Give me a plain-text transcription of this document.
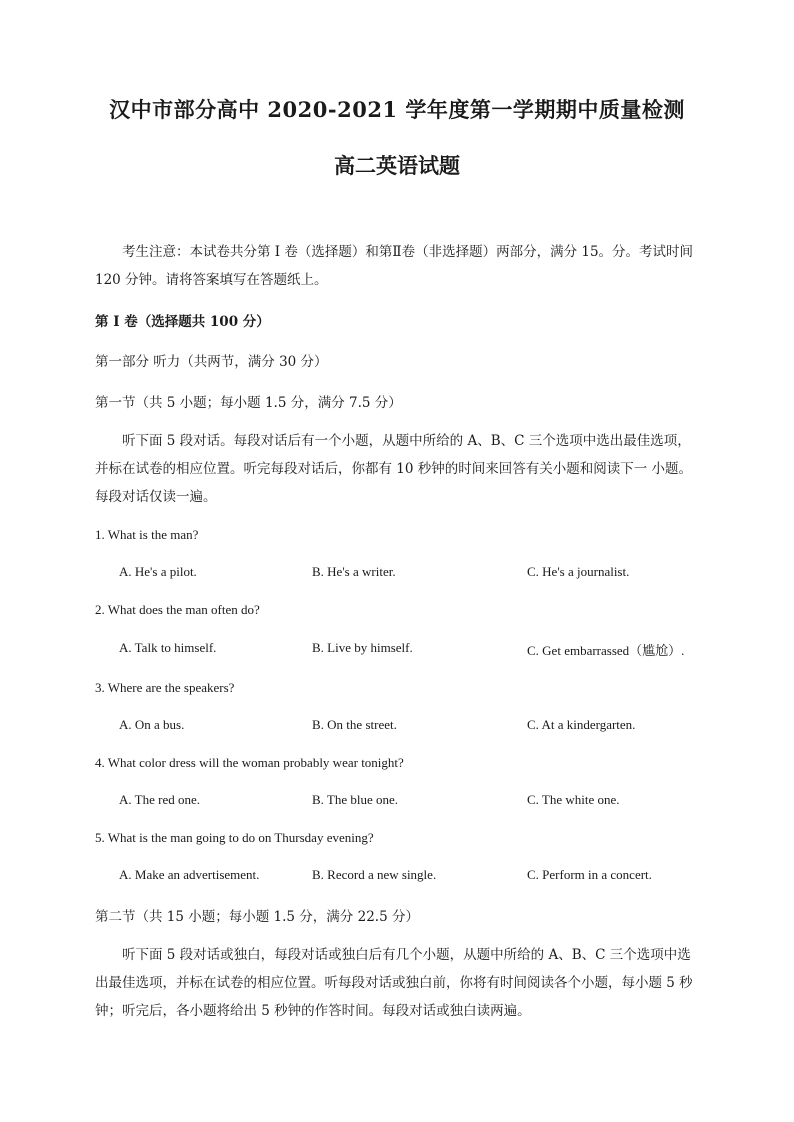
汉中市部分高中 2020-2021 学年度第一学期期中质量检测
高二英语试题
考生注意：本试卷共分第 I 卷（选择题）和第Ⅱ卷（非选择题）两部分，满分 15。分。考试时间 120 分钟。请将答案填写在答题纸上。
第 I 卷（选择题共 100 分）
第一部分 听力（共两节，满分 30 分）
第一节（共 5 小题；每小题 1.5 分，满分 7.5 分）
听下面 5 段对话。每段对话后有一个小题，从题中所给的 A、B、C 三个选项中选出最佳选项，并标在试卷的相应位置。听完每段对话后，你都有 10 秒钟的时间来回答有关小题和阅读下一 小题。每段对话仅读一遍。
1. What is the man?
A. He's a pilot.	B. He's a writer.	C. He's a journalist.
2. What does the man often do?
A. Talk to himself.	B. Live by himself.	C. Get embarrassed（尴尬）.
3. Where are the speakers?
A. On a bus.	B. On the street.	C. At a kindergarten.
4. What color dress will the woman probably wear tonight?
A. The red one.	B. The blue one.	C. The white one.
5. What is the man going to do on Thursday evening?
A. Make an advertisement.	B. Record a new single.	C. Perform in a concert.
第二节（共 15 小题；每小题 1.5 分，满分 22.5 分）
听下面 5 段对话或独白，每段对话或独白后有几个小题，从题中所给的 A、B、C 三个选项中选出最佳选项，并标在试卷的相应位置。听每段对话或独白前，你将有时间阅读各个小题，每小题 5 秒钟；听完后，各小题将给出 5 秒钟的作答时间。每段对话或独白读两遍。
